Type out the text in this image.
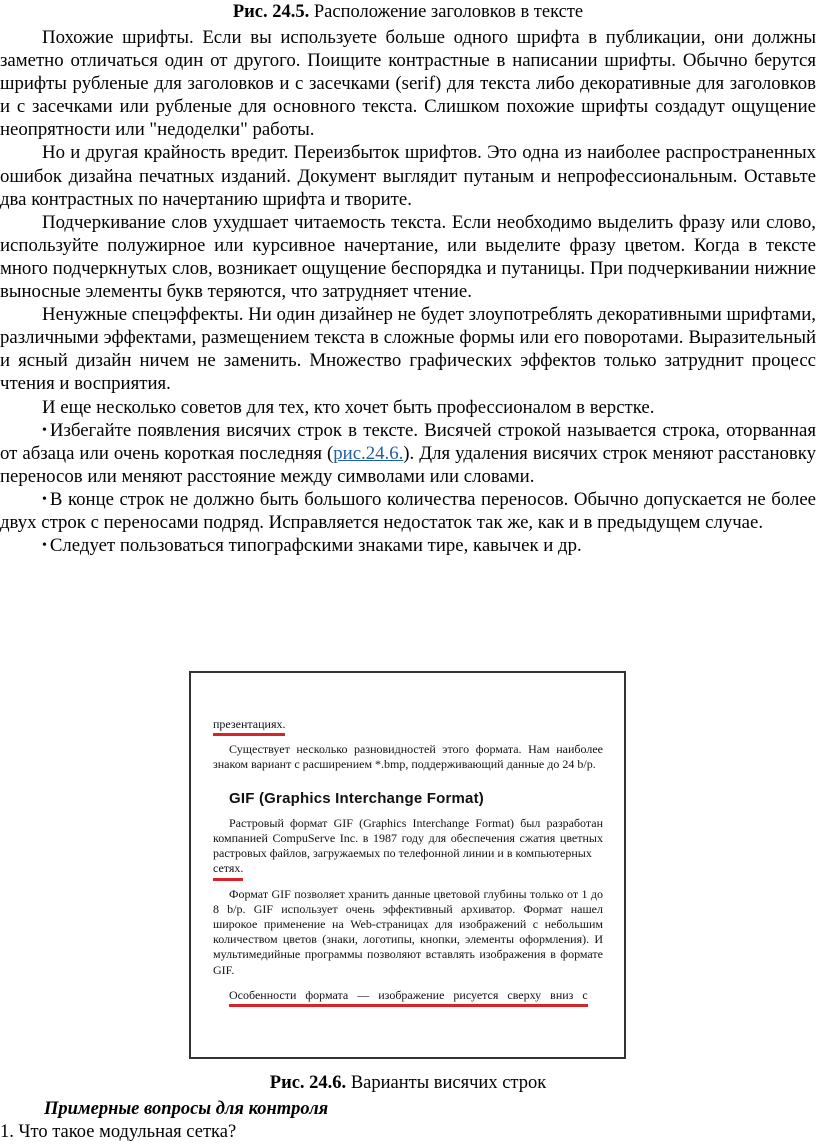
Рис. 24.5. Расположение заголовков в тексте

Похожие шрифты. Если вы используете больше одного шрифта в публикации, они должны заметно отличаться один от другого. Поищите контрастные в написании шрифты. Обычно берутся шрифты рубленые для заголовков и с засечками (serif) для текста либо декоративные для заголовков и с засечками или рубленые для основного текста. Слишком похожие шрифты создадут ощущение неопрятности или "недоделки" работы.

Но и другая крайность вредит. Переизбыток шрифтов. Это одна из наиболее распространенных ошибок дизайна печатных изданий. Документ выглядит путаным и непрофессиональным. Оставьте два контрастных по начертанию шрифта и творите.

Подчеркивание слов ухудшает читаемость текста. Если необходимо выделить фразу или слово, используйте полужирное или курсивное начертание, или выделите фразу цветом. Когда в тексте много подчеркнутых слов, возникает ощущение беспорядка и путаницы. При подчеркивании нижние выносные элементы букв теряются, что затрудняет чтение.

Ненужные спецэффекты. Ни один дизайнер не будет злоупотреблять декоративными шрифтами, различными эффектами, размещением текста в сложные формы или его поворотами. Выразительный и ясный дизайн ничем не заменить. Множество графических эффектов только затруднит процесс чтения и восприятия.

И еще несколько советов для тех, кто хочет быть профессионалом в верстке.

• Избегайте появления висячих строк в тексте. Висячей строкой называется строка, оторванная от абзаца или очень короткая последняя (рис.24.6.). Для удаления висячих строк меняют расстановку переносов или меняют расстояние между символами или словами.

• В конце строк не должно быть большого количества переносов. Обычно допускается не более двух строк с переносами подряд. Исправляется недостаток так же, как и в предыдущем случае.

• Следует пользоваться типографскими знаками тире, кавычек и др.

презентациях.

Существует несколько разновидностей этого формата. Нам наиболее знаком вариант с расширением *.bmp, поддерживающий данные до 24 b/p.

GIF (Graphics Interchange Format)

Растровый формат GIF (Graphics Interchange Format) был разработан компанией CompuServe Inc. в 1987 году для обеспечения сжатия цветных растровых файлов, загружаемых по телефонной линии и в компьютерных

сетях.

Формат GIF позволяет хранить данные цветовой глубины только от 1 до 8 b/p. GIF использует очень эффективный архиватор. Формат нашел широкое применение на Web-страницах для изображений с небольшим количеством цветов (знаки, логотипы, кнопки, элементы оформления). И мультимедийные программы позволяют вставлять изображения в формате GIF.

Особенности формата — изображение рисуется сверху вниз с
Рис. 24.6. Варианты висячих строк
Примерные вопросы для контроля
1. Что такое модульная сетка?
